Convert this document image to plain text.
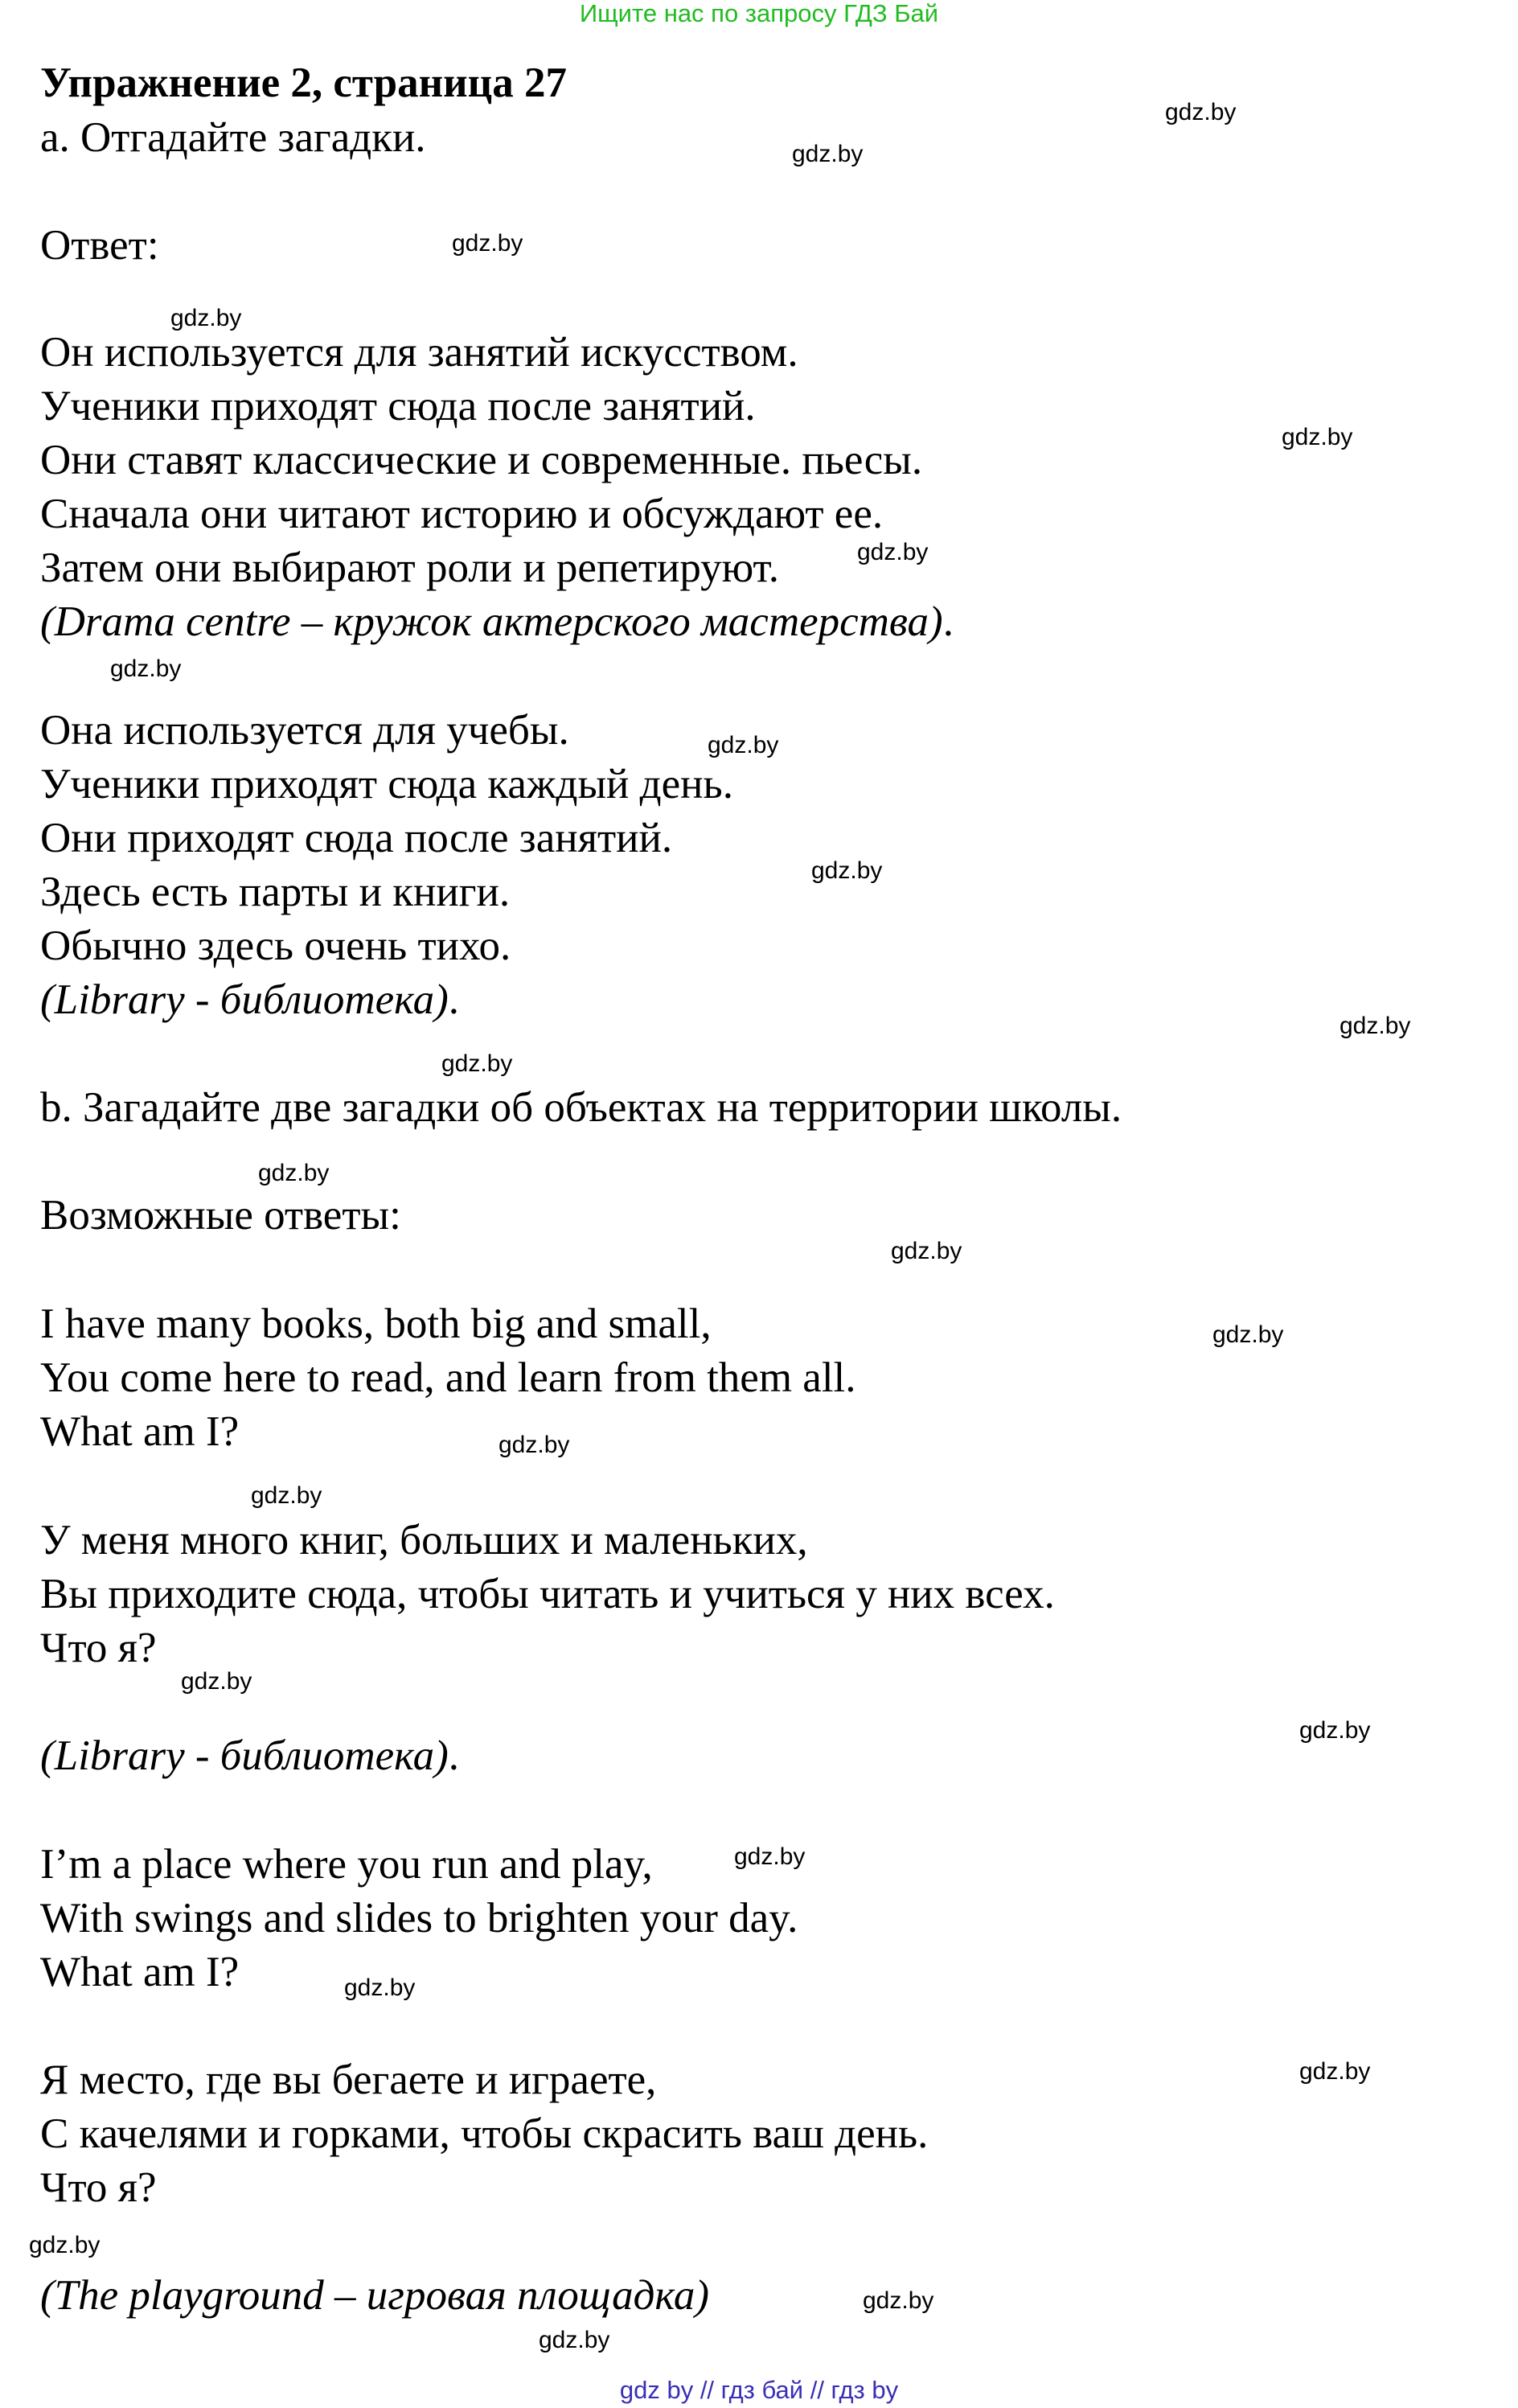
Ищите нас по запросу ГДЗ Бай
Упражнение 2, страница 27
а. Отгадайте загадки.
Ответ:
Он используется для занятий искусством.
Ученики приходят сюда после занятий.
Они ставят классические и современные. пьесы.
Сначала они читают историю и обсуждают ее.
Затем они выбирают роли и репетируют.
(Drama centre – кружок актерского мастерства).
Она используется для учебы.
Ученики приходят сюда каждый день.
Они приходят сюда после занятий.
Здесь есть парты и книги.
Обычно здесь очень тихо.
(Library - библиотека).
b. Загадайте две загадки об объектах на территории школы.
Возможные ответы:
I have many books, both big and small,
You come here to read, and learn from them all.
What am I?
У меня много книг, больших и маленьких,
Вы приходите сюда, чтобы читать и учиться у них всех.
Что я?
(Library - библиотека).
I’m a place where you run and play,
With swings and slides to brighten your day.
What am I?
Я место, где вы бегаете и играете,
С качелями и горками, чтобы скрасить ваш день.
Что я?
(The playground – игровая площадка)
gdz.by
gdz.by
gdz.by
gdz.by
gdz.by
gdz.by
gdz.by
gdz.by
gdz.by
gdz.by
gdz.by
gdz.by
gdz.by
gdz.by
gdz.by
gdz.by
gdz.by
gdz.by
gdz.by
gdz.by
gdz.by
gdz.by
gdz.by
gdz.by
gdz by // гдз бай // гдз by
